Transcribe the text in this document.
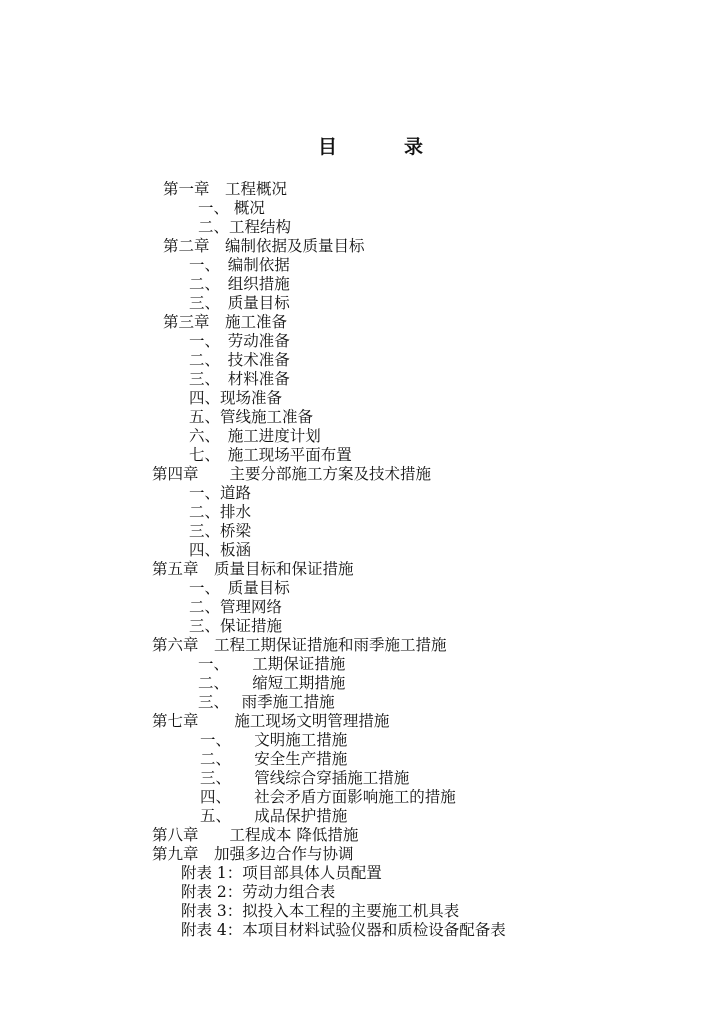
目	录
第一章　工程概况
一、 概况
二、工程结构
第二章　编制依据及质量目标
一、　编制依据
二、　组织措施
三、　质量目标
第三章　施工准备
一、　劳动准备
二、　技术准备
三、　材料准备
四、现场准备
五、管线施工准备
六、　施工进度计划
七、　施工现场平面布置
第四章　　主要分部施工方案及技术措施
一、道路
二、排水
三、桥梁
四、板涵
第五章　质量目标和保证措施
一、　质量目标
二、管理网络
三、保证措施
第六章　工程工期保证措施和雨季施工措施
一、　　工期保证措施
二、　　缩短工期措施
三、　 雨季施工措施
第七章　　 施工现场文明管理措施
一、　　文明施工措施
二、　　安全生产措施
三、　　管线综合穿插施工措施
四、　　社会矛盾方面影响施工的措施
五、　　成品保护措施
第八章　　工程成本 降低措施
第九章　加强多边合作与协调
附表 1：项目部具体人员配置
附表 2：劳动力组合表
附表 3：拟投入本工程的主要施工机具表
附表 4：本项目材料试验仪器和质检设备配备表
